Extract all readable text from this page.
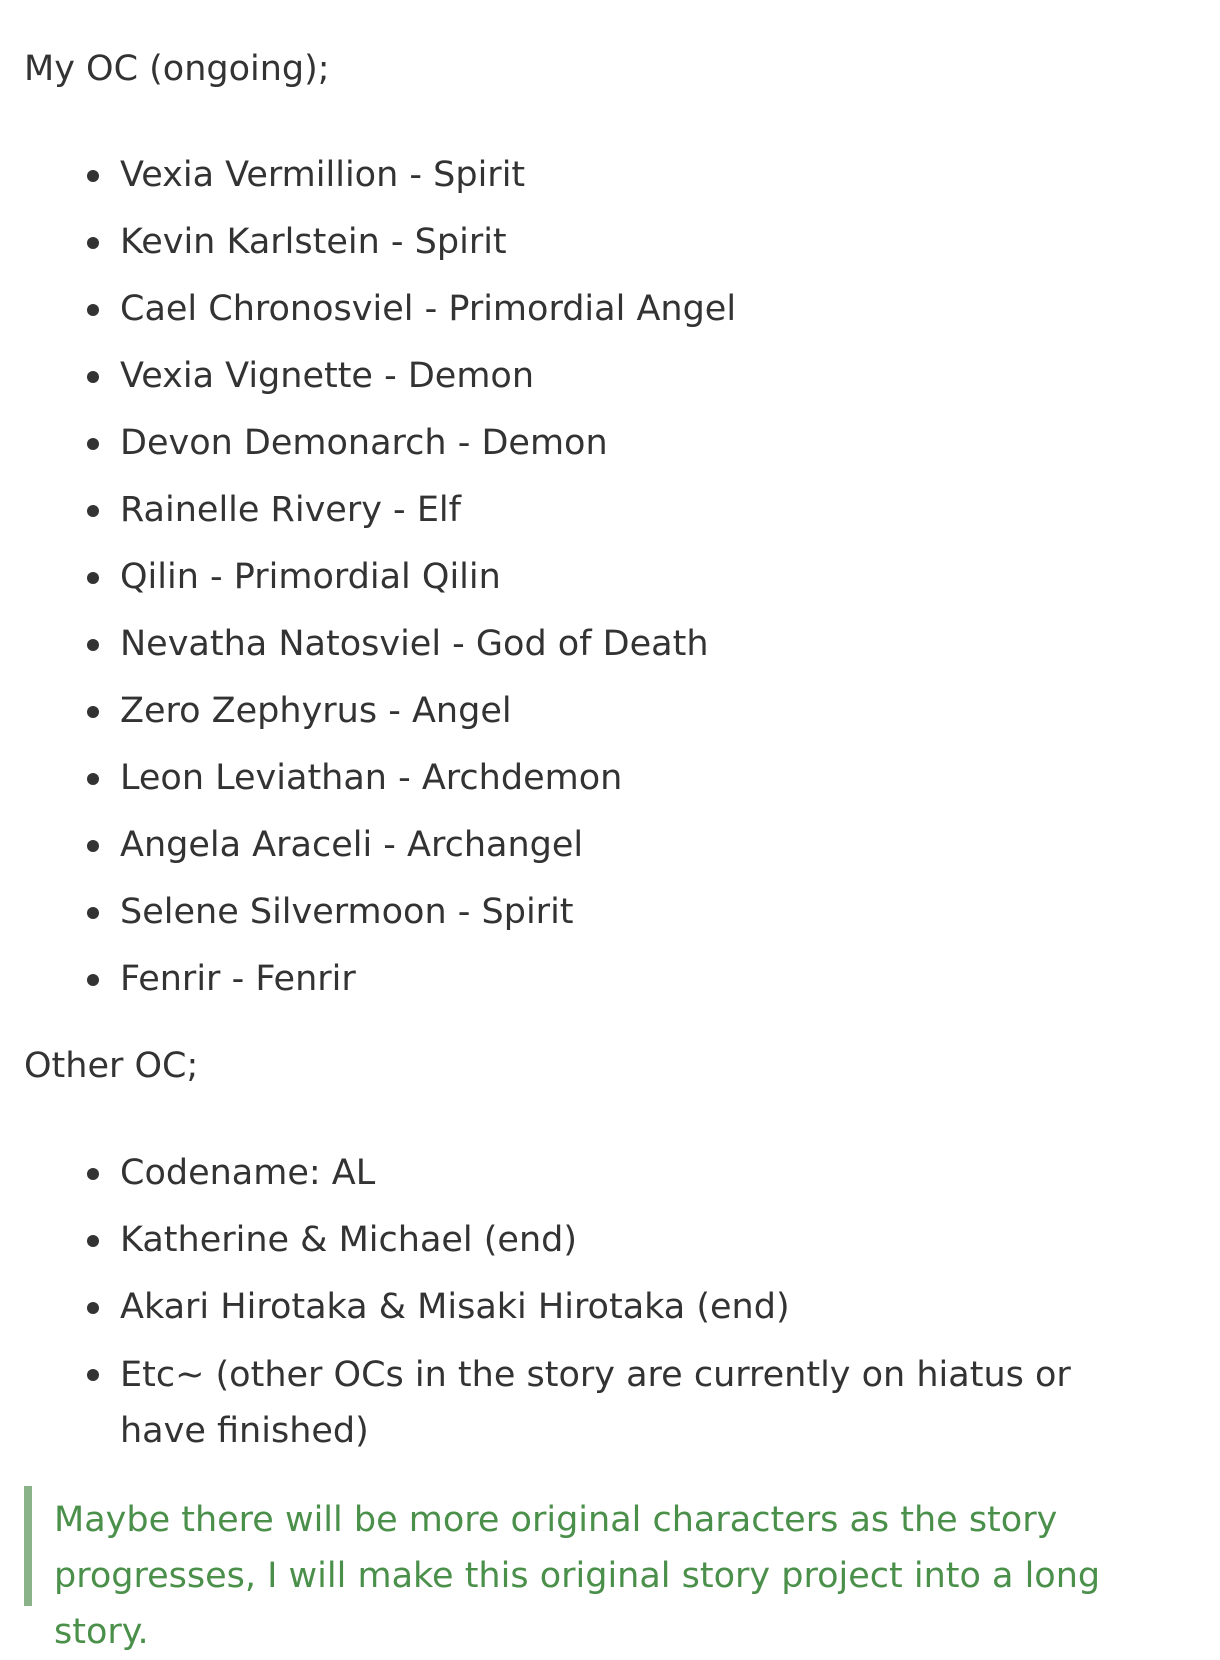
My OC (ongoing);
Vexia Vermillion - Spirit
Kevin Karlstein - Spirit
Cael Chronosviel - Primordial Angel
Vexia Vignette - Demon
Devon Demonarch - Demon
Rainelle Rivery - Elf
Qilin - Primordial Qilin
Nevatha Natosviel - God of Death
Zero Zephyrus - Angel
Leon Leviathan - Archdemon
Angela Araceli - Archangel
Selene Silvermoon - Spirit
Fenrir - Fenrir
Other OC;
Codename: AL
Katherine & Michael (end)
Akari Hirotaka & Misaki Hirotaka (end)
Etc~ (other OCs in the story are currently on hiatus or have finished)
Maybe there will be more original characters as the story progresses, I will make this original story project into a long story.
